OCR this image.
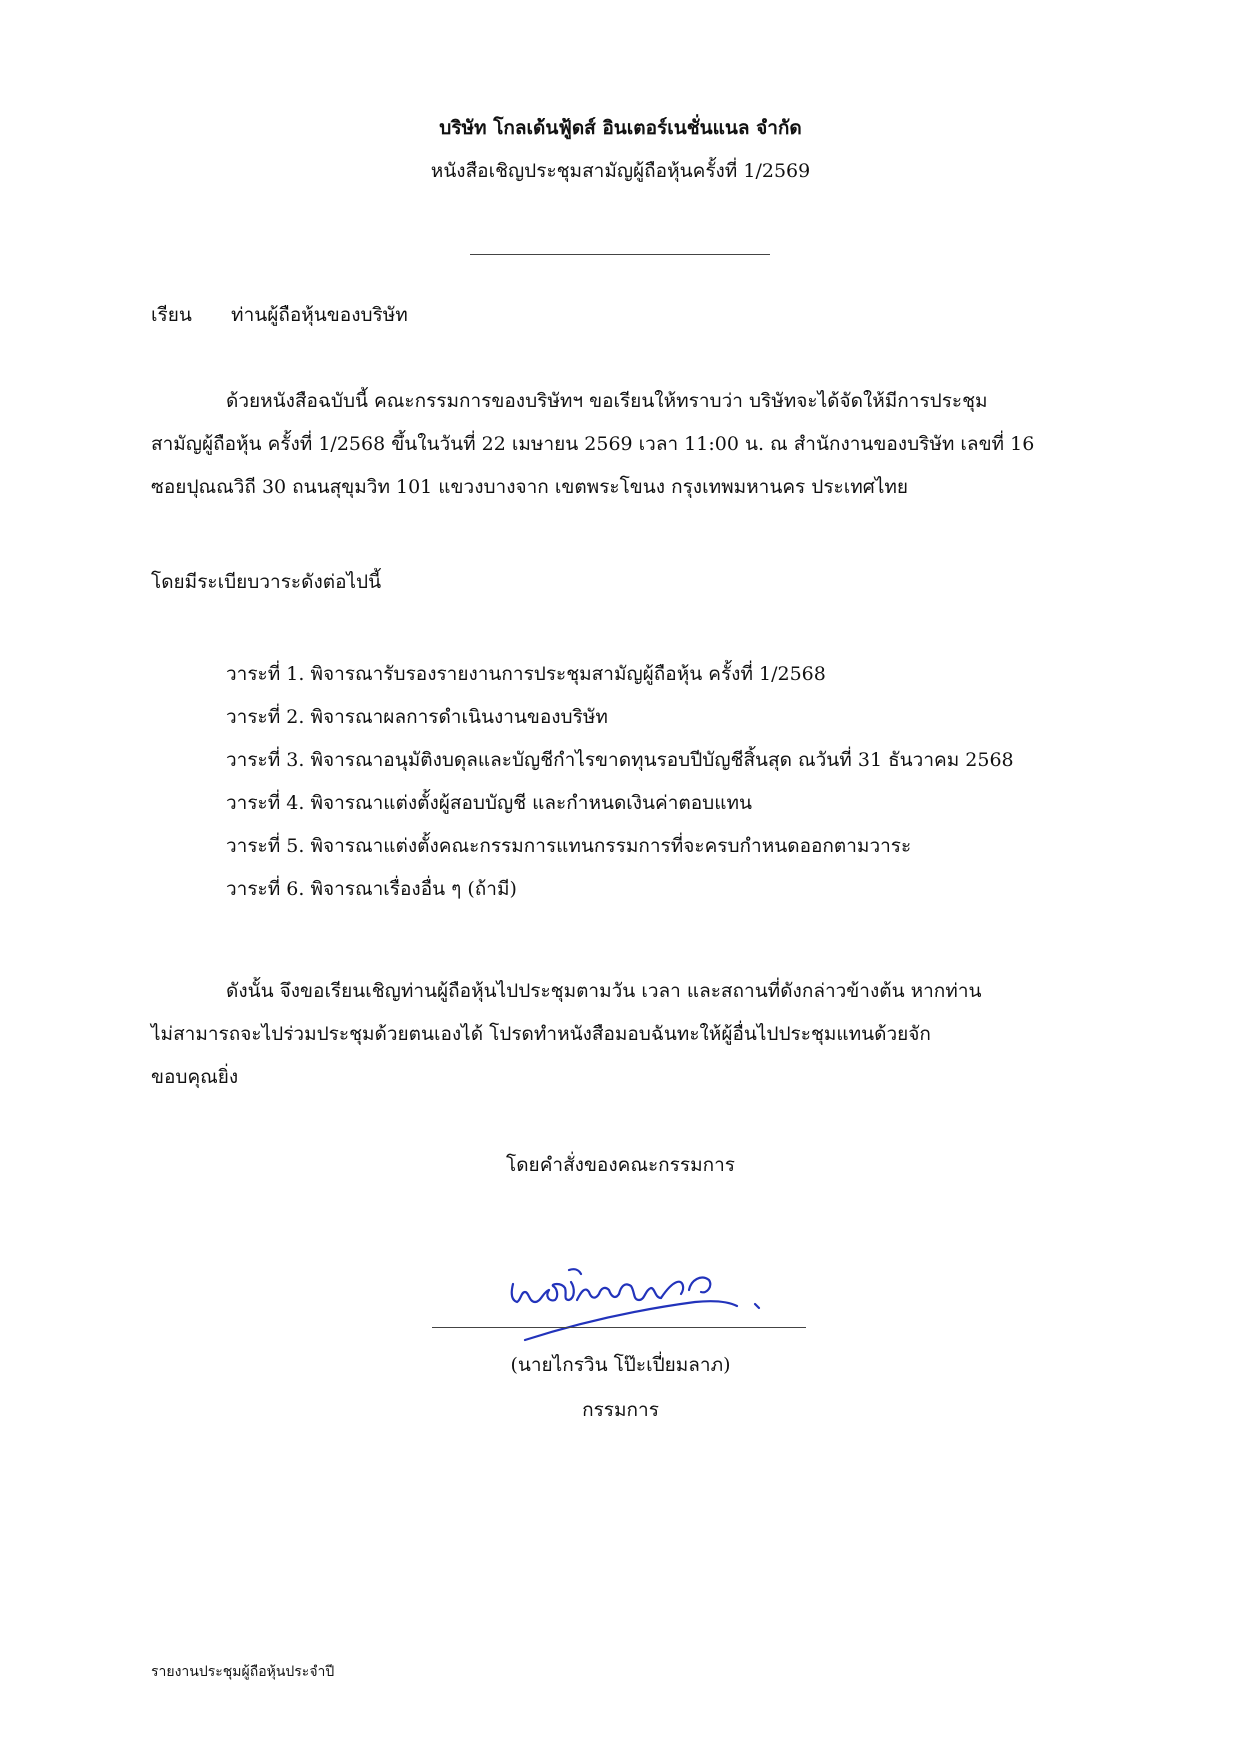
บริษัท โกลเด้นฟู้ดส์ อินเตอร์เนชั่นแนล จำกัด
หนังสือเชิญประชุมสามัญผู้ถือหุ้นครั้งที่ 1/2569
เรียน ท่านผู้ถือหุ้นของบริษัท
ด้วยหนังสือฉบับนี้ คณะกรรมการของบริษัทฯ ขอเรียนให้ทราบว่า บริษัทจะได้จัดให้มีการประชุม
สามัญผู้ถือหุ้น ครั้งที่ 1/2568 ขึ้นในวันที่ 22 เมษายน 2569 เวลา 11:00 น. ณ สำนักงานของบริษัท เลขที่ 16
ซอยปุณณวิถี 30 ถนนสุขุมวิท 101 แขวงบางจาก เขตพระโขนง กรุงเทพมหานคร ประเทศไทย
โดยมีระเบียบวาระดังต่อไปนี้
วาระที่ 1. พิจารณารับรองรายงานการประชุมสามัญผู้ถือหุ้น ครั้งที่ 1/2568
วาระที่ 2. พิจารณาผลการดำเนินงานของบริษัท
วาระที่ 3. พิจารณาอนุมัติงบดุลและบัญชีกำไรขาดทุนรอบปีบัญชีสิ้นสุด ณวันที่ 31 ธันวาคม 2568
วาระที่ 4. พิจารณาแต่งตั้งผู้สอบบัญชี และกำหนดเงินค่าตอบแทน
วาระที่ 5. พิจารณาแต่งตั้งคณะกรรมการแทนกรรมการที่จะครบกำหนดออกตามวาระ
วาระที่ 6. พิจารณาเรื่องอื่น ๆ (ถ้ามี)
ดังนั้น จึงขอเรียนเชิญท่านผู้ถือหุ้นไปประชุมตามวัน เวลา และสถานที่ดังกล่าวข้างต้น หากท่าน
ไม่สามารถจะไปร่วมประชุมด้วยตนเองได้ โปรดทำหนังสือมอบฉันทะให้ผู้อื่นไปประชุมแทนด้วยจัก
ขอบคุณยิ่ง
โดยคำสั่งของคณะกรรมการ
(นายไกรวิน โป๊ะเปี่ยมลาภ)
กรรมการ
รายงานประชุมผู้ถือหุ้นประจำปี
